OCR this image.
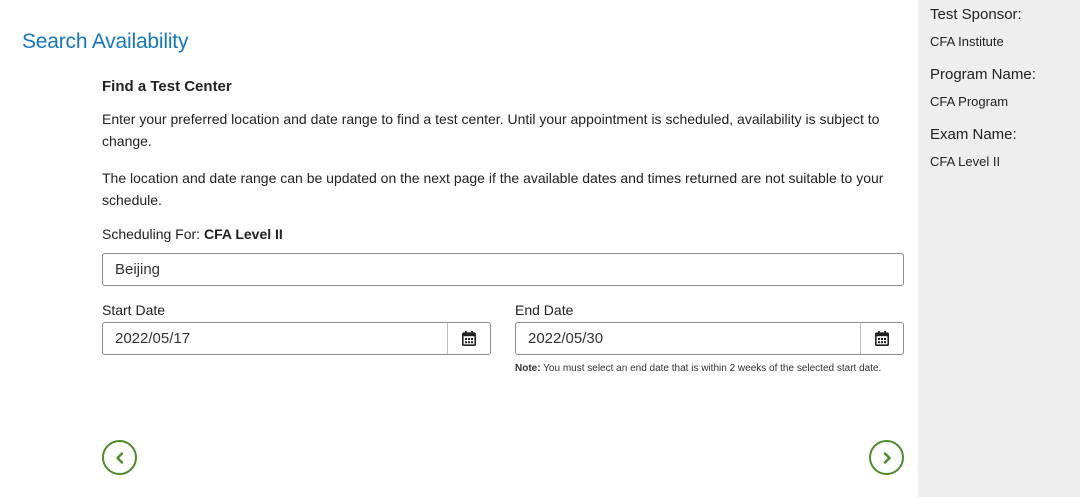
Search Availability
Find a Test Center

Enter your preferred location and date range to find a test center. Until your appointment is scheduled, availability is subject to change.

The location and date range can be updated on the next page if the available dates and times returned are not suitable to your schedule.

Scheduling For: CFA Level II

Beijing
Start Date	End Date
2022/05/17
2022/05/30

Note: You must select an end date that is within 2 weeks of the selected start date.

Test Sponsor:

CFA Institute

Program Name:

CFA Program

Exam Name:

CFA Level II
